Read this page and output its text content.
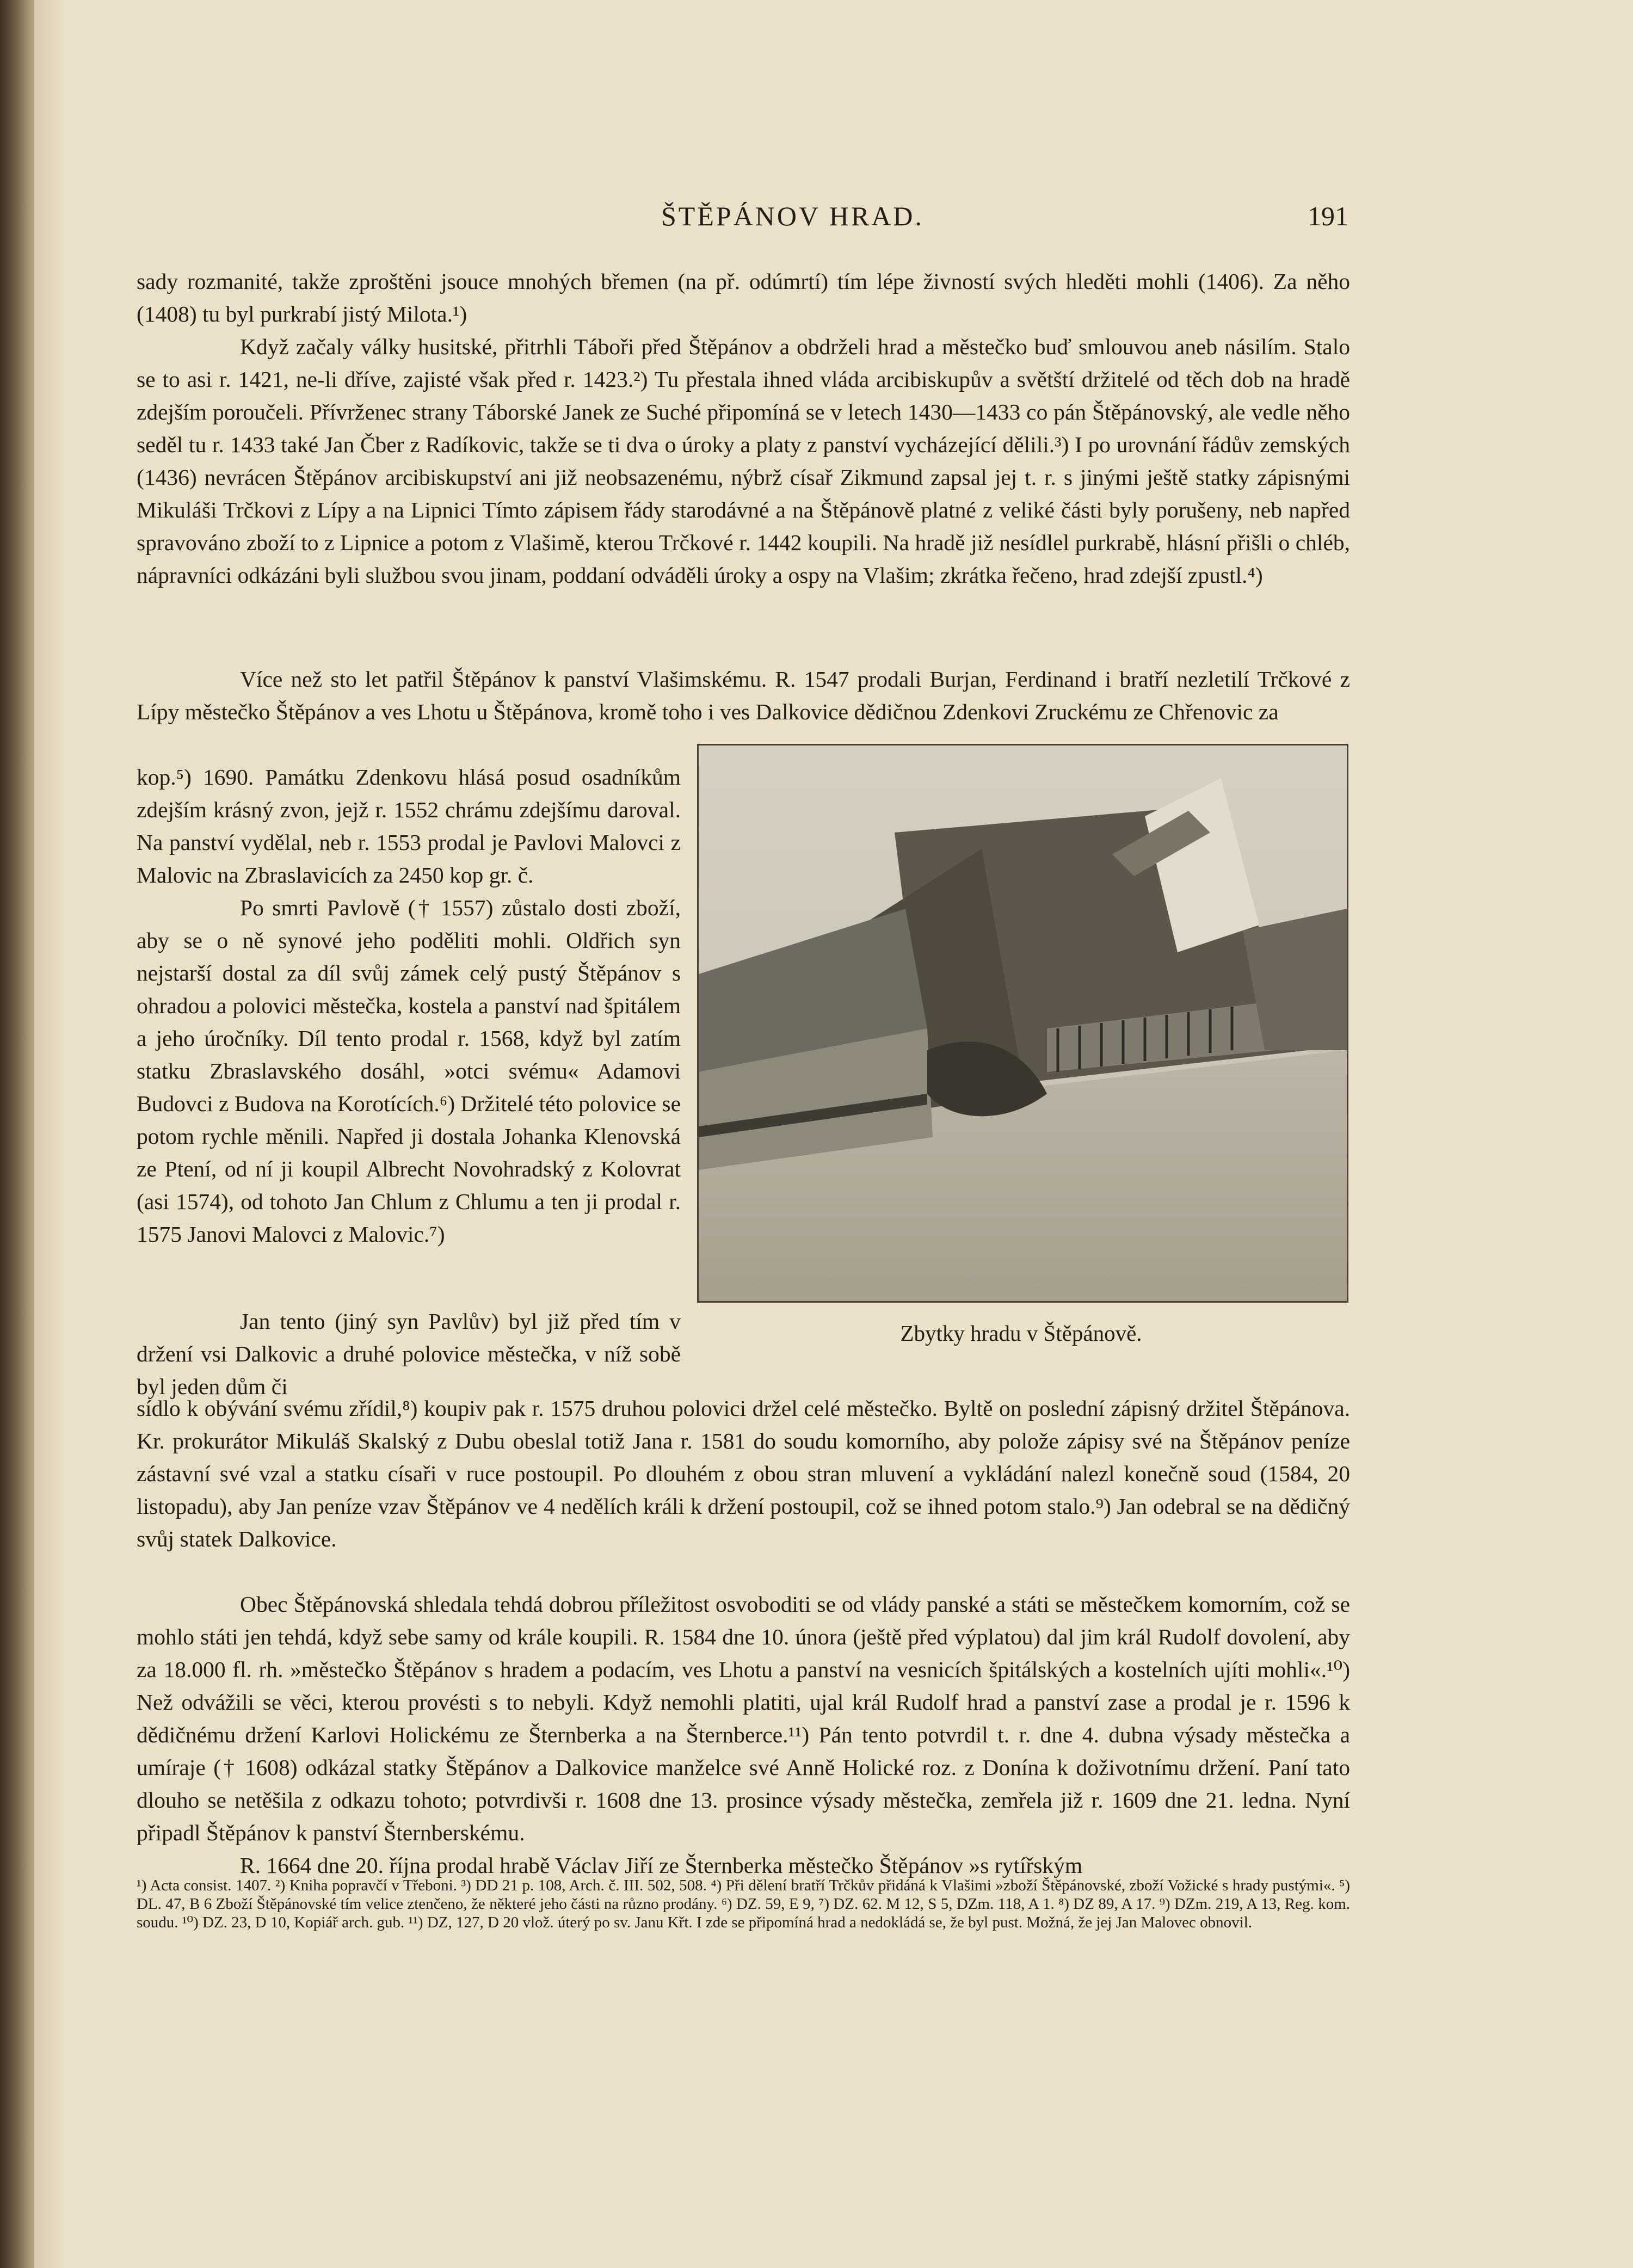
ŠTĚPÁNOV HRAD.	191

sady rozmanité, takže zproštěni jsouce mnohých břemen (na př. odúmrtí) tím lépe živností svých hleděti mohli (1406). Za něho (1408) tu byl purkrabí jistý Milota.¹)

Když začaly války husitské, přitrhli Táboři před Štěpánov a obdrželi hrad a městečko buď smlouvou aneb násilím. Stalo se to asi r. 1421, ne-li dříve, zajisté však před r. 1423.²) Tu přestala ihned vláda arcibiskupův a světští držitelé od těch dob na hradě zdejším poroučeli. Přívrženec strany Táborské Janek ze Suché připomíná se v letech 1430—1433 co pán Štěpánovský, ale vedle něho seděl tu r. 1433 také Jan Čber z Radíkovic, takže se ti dva o úroky a platy z panství vycházející dělili.³) I po urovnání řádův zemských (1436) nevrácen Štěpánov arcibiskupství ani již neobsazenému, nýbrž císař Zikmund zapsal jej t. r. s jinými ještě statky zápisnými Mikuláši Trčkovi z Lípy a na Lipnici Tímto zápisem řády starodávné a na Štěpánově platné z veliké části byly porušeny, neb napřed spravováno zboží to z Lipnice a potom z Vlašimě, kterou Trčkové r. 1442 koupili. Na hradě již nesídlel purkrabě, hlásní přišli o chléb, nápravníci odkázáni byli službou svou jinam, poddaní odváděli úroky a ospy na Vlašim; zkrátka řečeno, hrad zdejší zpustl.⁴)

Více než sto let patřil Štěpánov k panství Vlašimskému. R. 1547 prodali Burjan, Ferdinand i bratří nezletilí Trčkové z Lípy městečko Štěpánov a ves Lhotu u Štěpánova, kromě toho i ves Dalkovice dědičnou Zdenkovi Zruckému ze Chřenovic za

kop.⁵) 1690. Památku Zdenkovu hlásá posud osadníkům zdejším krásný zvon, jejž r. 1552 chrámu zdejšímu daroval. Na panství vydělal, neb r. 1553 prodal je Pavlovi Malovci z Malovic na Zbraslavicích za 2450 kop gr. č.

Po smrti Pavlově († 1557) zůstalo dosti zboží, aby se o ně synové jeho poděliti mohli. Oldřich syn nejstarší dostal za díl svůj zámek celý pustý Štěpánov s ohradou a polovici městečka, kostela a panství nad špitálem a jeho úročníky. Díl tento prodal r. 1568, když byl zatím statku Zbraslavského dosáhl, »otci svému« Adamovi Budovci z Budova na Korotících.⁶) Držitelé této polovice se potom rychle měnili. Napřed ji dostala Johanka Klenovská ze Ptení, od ní ji koupil Albrecht Novohradský z Kolovrat (asi 1574), od tohoto Jan Chlum z Chlumu a ten ji prodal r. 1575 Janovi Malovci z Malovic.⁷)

Jan tento (jiný syn Pavlův) byl již před tím v držení vsi Dalkovic a druhé polovice městečka, v níž sobě byl jeden dům či

Zbytky hradu v Štěpánově.

sídlo k obývání svému zřídil,⁸) koupiv pak r. 1575 druhou polovici držel celé městečko. Byltě on poslední zápisný držitel Štěpánova. Kr. prokurátor Mikuláš Skalský z Dubu obeslal totiž Jana r. 1581 do soudu komorního, aby polože zápisy své na Štěpánov peníze zástavní své vzal a statku císaři v ruce postoupil. Po dlouhém z obou stran mluvení a vykládání nalezl konečně soud (1584, 20 listopadu), aby Jan peníze vzav Štěpánov ve 4 nedělích králi k držení postoupil, což se ihned potom stalo.⁹) Jan odebral se na dědičný svůj statek Dalkovice.

Obec Štěpánovská shledala tehdá dobrou příležitost osvoboditi se od vlády panské a státi se městečkem komorním, což se mohlo státi jen tehdá, když sebe samy od krále koupili. R. 1584 dne 10. února (ještě před výplatou) dal jim král Rudolf dovolení, aby za 18.000 fl. rh. »městečko Štěpánov s hradem a podacím, ves Lhotu a panství na vesnicích špitálských a kostelních ujíti mohli«.¹⁰) Než odvážili se věci, kterou provésti s to nebyli. Když nemohli platiti, ujal král Rudolf hrad a panství zase a prodal je r. 1596 k dědičnému držení Karlovi Holickému ze Šternberka a na Šternberce.¹¹) Pán tento potvrdil t. r. dne 4. dubna výsady městečka a umíraje († 1608) odkázal statky Štěpánov a Dalkovice manželce své Anně Holické roz. z Donína k doživotnímu držení. Paní tato dlouho se netěšila z odkazu tohoto; potvrdivši r. 1608 dne 13. prosince výsady městečka, zemřela již r. 1609 dne 21. ledna. Nyní připadl Štěpánov k panství Šternberskému.

R. 1664 dne 20. října prodal hrabě Václav Jiří ze Šternberka městečko Štěpánov »s rytířským

¹) Acta consist. 1407. ²) Kniha popravčí v Třeboni. ³) DD 21 p. 108, Arch. č. III. 502, 508. ⁴) Při dělení bratří Trčkův přidáná k Vlašimi »zboží Štěpánovské, zboží Vožické s hrady pustými«. ⁵) DL. 47, B 6 Zboží Štěpánovské tím velice ztenčeno, že některé jeho části na různo prodány. ⁶) DZ. 59, E 9, ⁷) DZ. 62. M 12, S 5, DZm. 118, A 1. ⁸) DZ 89, A 17. ⁹) DZm. 219, A 13, Reg. kom. soudu. ¹⁰) DZ. 23, D 10, Kopiář arch. gub. ¹¹) DZ, 127, D 20 vlož. úterý po sv. Janu Křt. I zde se připomíná hrad a nedokládá se, že byl pust. Možná, že jej Jan Malovec obnovil.
